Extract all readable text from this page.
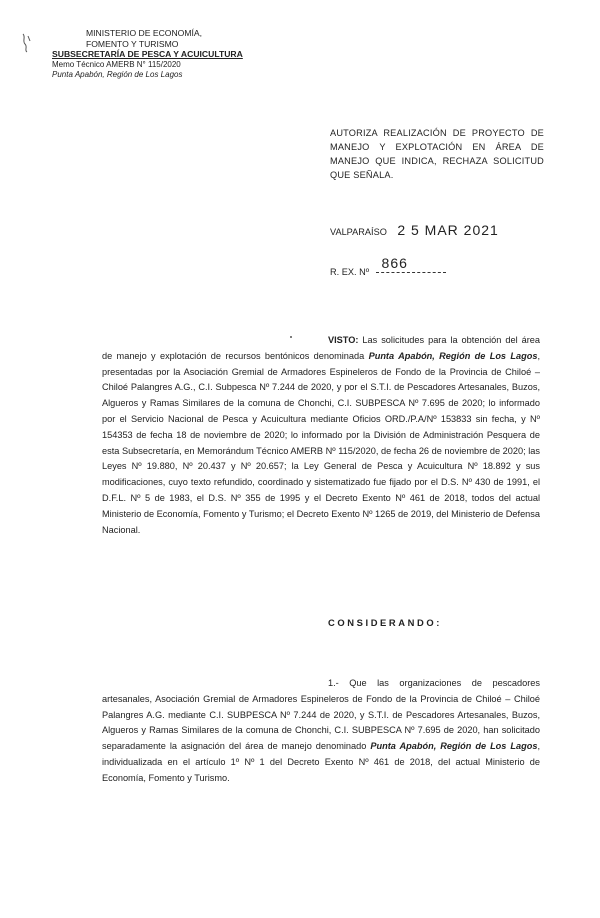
MINISTERIO DE ECONOMÍA,
FOMENTO Y TURISMO
SUBSECRETARÍA DE PESCA Y ACUICULTURA
Memo Técnico AMERB N° 115/2020
Punta Apabón, Región de Los Lagos
AUTORIZA REALIZACIÓN DE PROYECTO DE MANEJO Y EXPLOTACIÓN EN ÁREA DE MANEJO QUE INDICA, RECHAZA SOLICITUD QUE SEÑALA.
VALPARAÍSO 2 5 MAR 2021
R. EX. Nº 866
VISTO: Las solicitudes para la obtención del área de manejo y explotación de recursos bentónicos denominada Punta Apabón, Región de Los Lagos, presentadas por la Asociación Gremial de Armadores Espineleros de Fondo de la Provincia de Chiloé – Chiloé Palangres A.G., C.I. Subpesca Nº 7.244 de 2020, y por el S.T.I. de Pescadores Artesanales, Buzos, Algueros y Ramas Similares de la comuna de Chonchi, C.I. SUBPESCA Nº 7.695 de 2020; lo informado por el Servicio Nacional de Pesca y Acuicultura mediante Oficios ORD./P.A/Nº 153833 sin fecha, y Nº 154353 de fecha 18 de noviembre de 2020; lo informado por la División de Administración Pesquera de esta Subsecretaría, en Memorándum Técnico AMERB Nº 115/2020, de fecha 26 de noviembre de 2020; las Leyes Nº 19.880, Nº 20.437 y Nº 20.657; la Ley General de Pesca y Acuicultura Nº 18.892 y sus modificaciones, cuyo texto refundido, coordinado y sistematizado fue fijado por el D.S. Nº 430 de 1991, el D.F.L. Nº 5 de 1983, el D.S. Nº 355 de 1995 y el Decreto Exento Nº 461 de 2018, todos del actual Ministerio de Economía, Fomento y Turismo; el Decreto Exento Nº 1265 de 2019, del Ministerio de Defensa Nacional.
CONSIDERANDO:
1.- Que las organizaciones de pescadores artesanales, Asociación Gremial de Armadores Espineleros de Fondo de la Provincia de Chiloé – Chiloé Palangres A.G. mediante C.I. SUBPESCA Nº 7.244 de 2020, y S.T.I. de Pescadores Artesanales, Buzos, Algueros y Ramas Similares de la comuna de Chonchi, C.I. SUBPESCA Nº 7.695 de 2020, han solicitado separadamente la asignación del área de manejo denominado Punta Apabón, Región de Los Lagos, individualizada en el artículo 1º Nº 1 del Decreto Exento Nº 461 de 2018, del actual Ministerio de Economía, Fomento y Turismo.
